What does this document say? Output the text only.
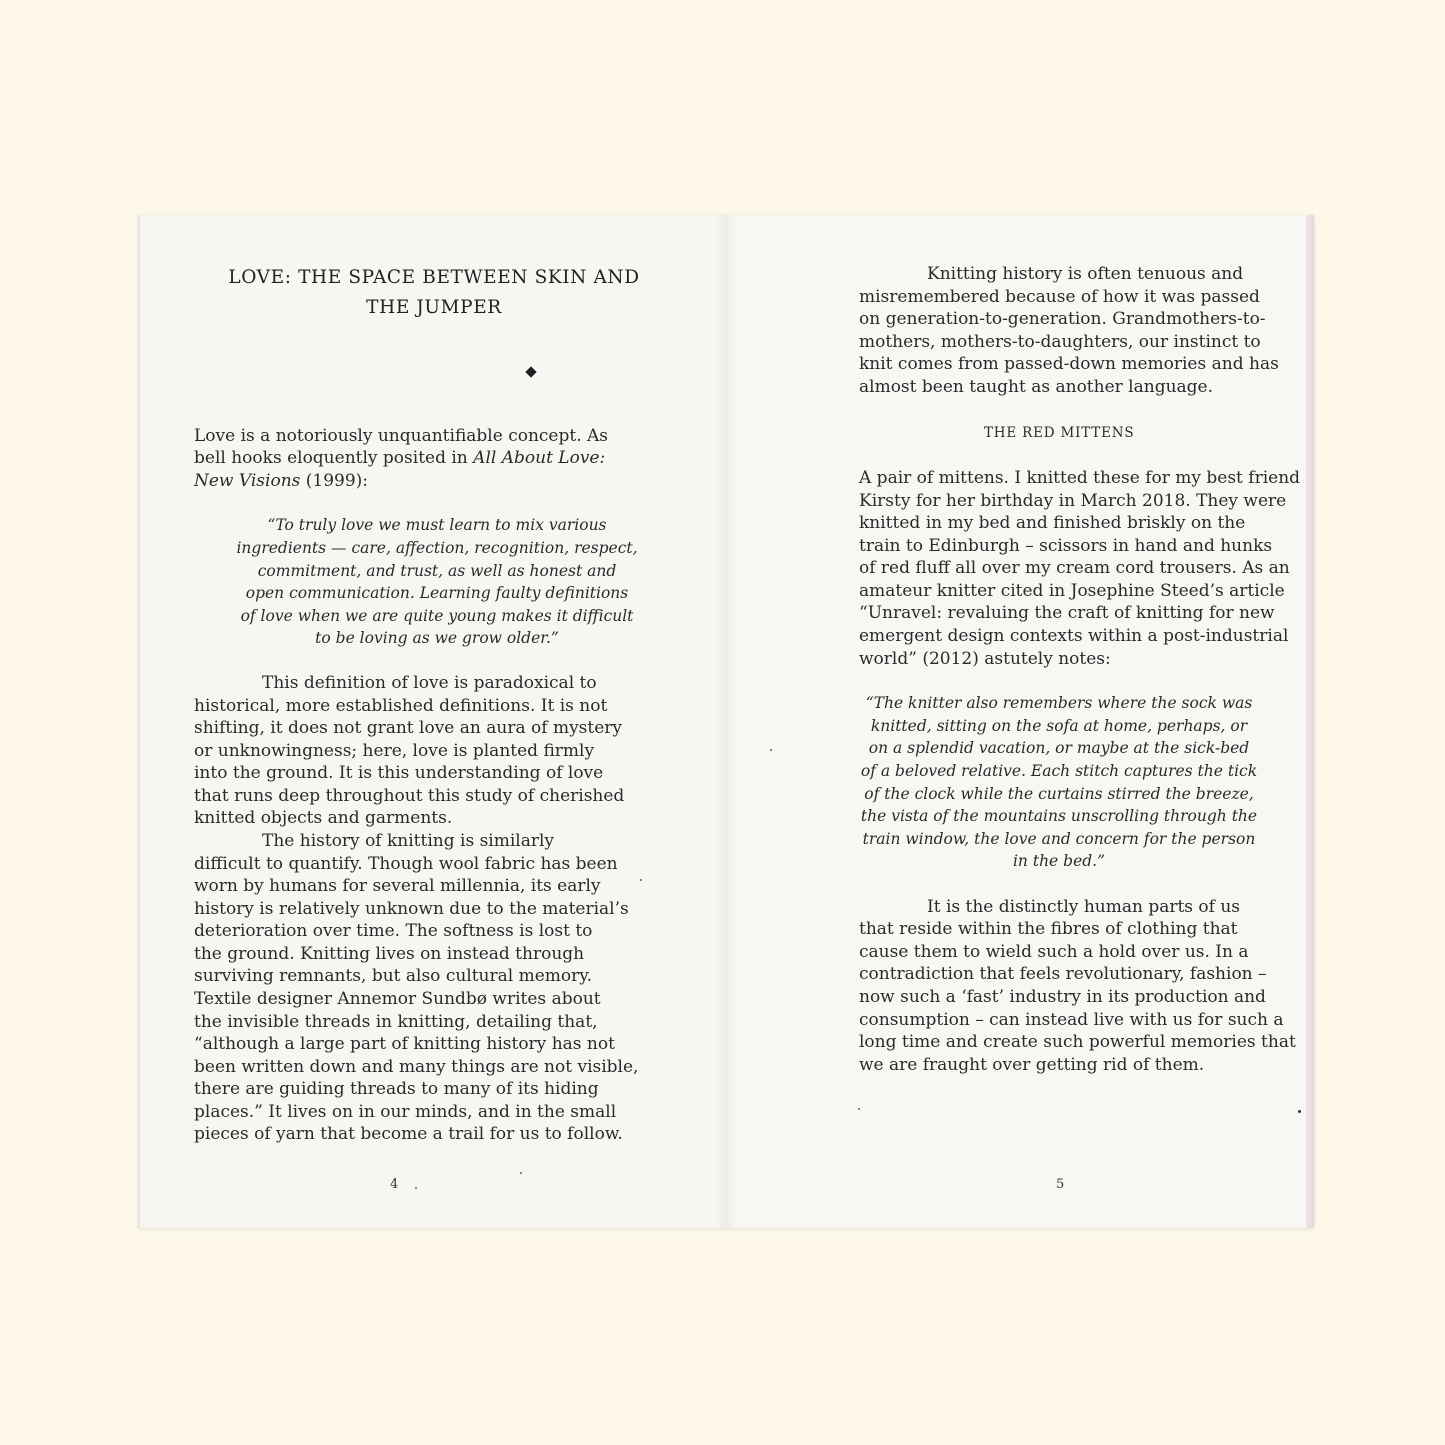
LOVE: THE SPACE BETWEEN SKIN AND
THE JUMPER
Love is a notoriously unquantifiable concept. As
bell hooks eloquently posited in All About Love:
New Visions (1999):
“To truly love we must learn to mix various
ingredients — care, affection, recognition, respect,
commitment, and trust, as well as honest and
open communication. Learning faulty definitions
of love when we are quite young makes it difficult
to be loving as we grow older.”
This definition of love is paradoxical to
historical, more established definitions. It is not
shifting, it does not grant love an aura of mystery
or unknowingness; here, love is planted firmly
into the ground. It is this understanding of love
that runs deep throughout this study of cherished
knitted objects and garments.
The history of knitting is similarly
difficult to quantify. Though wool fabric has been
worn by humans for several millennia, its early
history is relatively unknown due to the material’s
deterioration over time. The softness is lost to
the ground. Knitting lives on instead through
surviving remnants, but also cultural memory.
Textile designer Annemor Sundbø writes about
the invisible threads in knitting, detailing that,
“although a large part of knitting history has not
been written down and many things are not visible,
there are guiding threads to many of its hiding
places.” It lives on in our minds, and in the small
pieces of yarn that become a trail for us to follow.
4
Knitting history is often tenuous and
misremembered because of how it was passed
on generation-to-generation. Grandmothers-to-
mothers, mothers-to-daughters, our instinct to
knit comes from passed-down memories and has
almost been taught as another language.
THE RED MITTENS
A pair of mittens. I knitted these for my best friend
Kirsty for her birthday in March 2018. They were
knitted in my bed and finished briskly on the
train to Edinburgh – scissors in hand and hunks
of red fluff all over my cream cord trousers. As an
amateur knitter cited in Josephine Steed’s article
“Unravel: revaluing the craft of knitting for new
emergent design contexts within a post-industrial
world” (2012) astutely notes:
“The knitter also remembers where the sock was
knitted, sitting on the sofa at home, perhaps, or
on a splendid vacation, or maybe at the sick-bed
of a beloved relative. Each stitch captures the tick
of the clock while the curtains stirred the breeze,
the vista of the mountains unscrolling through the
train window, the love and concern for the person
in the bed.”
It is the distinctly human parts of us
that reside within the fibres of clothing that
cause them to wield such a hold over us. In a
contradiction that feels revolutionary, fashion –
now such a ‘fast’ industry in its production and
consumption – can instead live with us for such a
long time and create such powerful memories that
we are fraught over getting rid of them.
5
